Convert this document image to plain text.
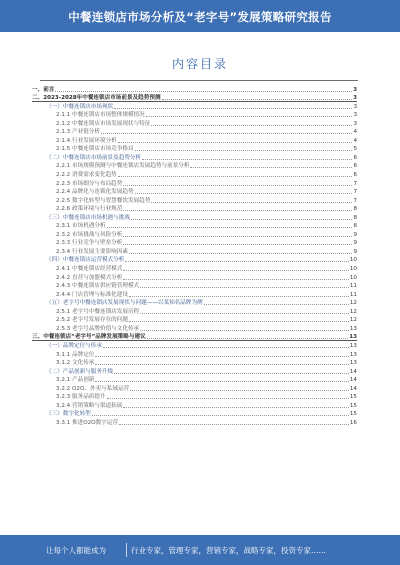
中餐连锁店市场分析及“老字号”发展策略研究报告
内容目录
一、前言	3
二、2023-2028年中餐连锁店市场前景及趋势预测	3
（一）中餐连锁店市场现状	3
2.1.1 中餐连锁店市场整体规模情况	3
2.1.2 中餐连锁店市场发展现状与特征	3
2.1.3 产业链分析	4
2.1.4 行业发展环境分析	4
2.1.5 中餐连锁店市场竞争格局	5
（二）中餐连锁店市场前景及趋势分析	6
2.2.1 市场规模预测与中餐连锁店发展趋势与前景分析	6
2.2.2 消费需求变化趋势	6
2.2.3 市场细分与布局趋势	7
2.2.4 品牌化与连锁化发展趋势	7
2.2.5 数字化转型与智慧餐饮发展趋势	7
2.2.6 政策环境与行业规范	8
（三）中餐连锁店市场机遇与挑战	8
2.3.1 市场机遇分析	8
2.3.2 市场挑战与风险分析	9
2.3.3 行业竞争与壁垒分析	9
2.3.4 行业发展主要影响因素	9
（四）中餐连锁店运营模式分析	10
2.4.1 中餐连锁店经营模式	10
2.4.2 直营与加盟模式分析	10
2.4.3 中餐连锁店供应链管理模式	11
2.4.4 门店管理与标准化建设	11
（五）老字号中餐连锁店发展现状与问题——以某知名品牌为例	12
2.5.1 老字号中餐连锁店发展历程	12
2.5.2 老字号发展存在的问题	12
2.5.3 老字号品牌价值与文化传承	13
三、中餐连锁店“老字号”品牌发展策略与建议	13
（一）品牌定位与传承	13
3.1.1 品牌定位	13
3.1.2 文化传承	13
（二）产品创新与服务升级	14
3.2.1 产品创新	14
3.2.2 O2O、外卖与私域运营	14
3.2.3 服务品质提升	15
3.2.4 营销策略与渠道拓展	15
（三）数字化转型	15
3.3.1 推进O2O数字运营	16
让每个人都能成为	行业专家，管理专家，营销专家，战略专家，投资专家……
